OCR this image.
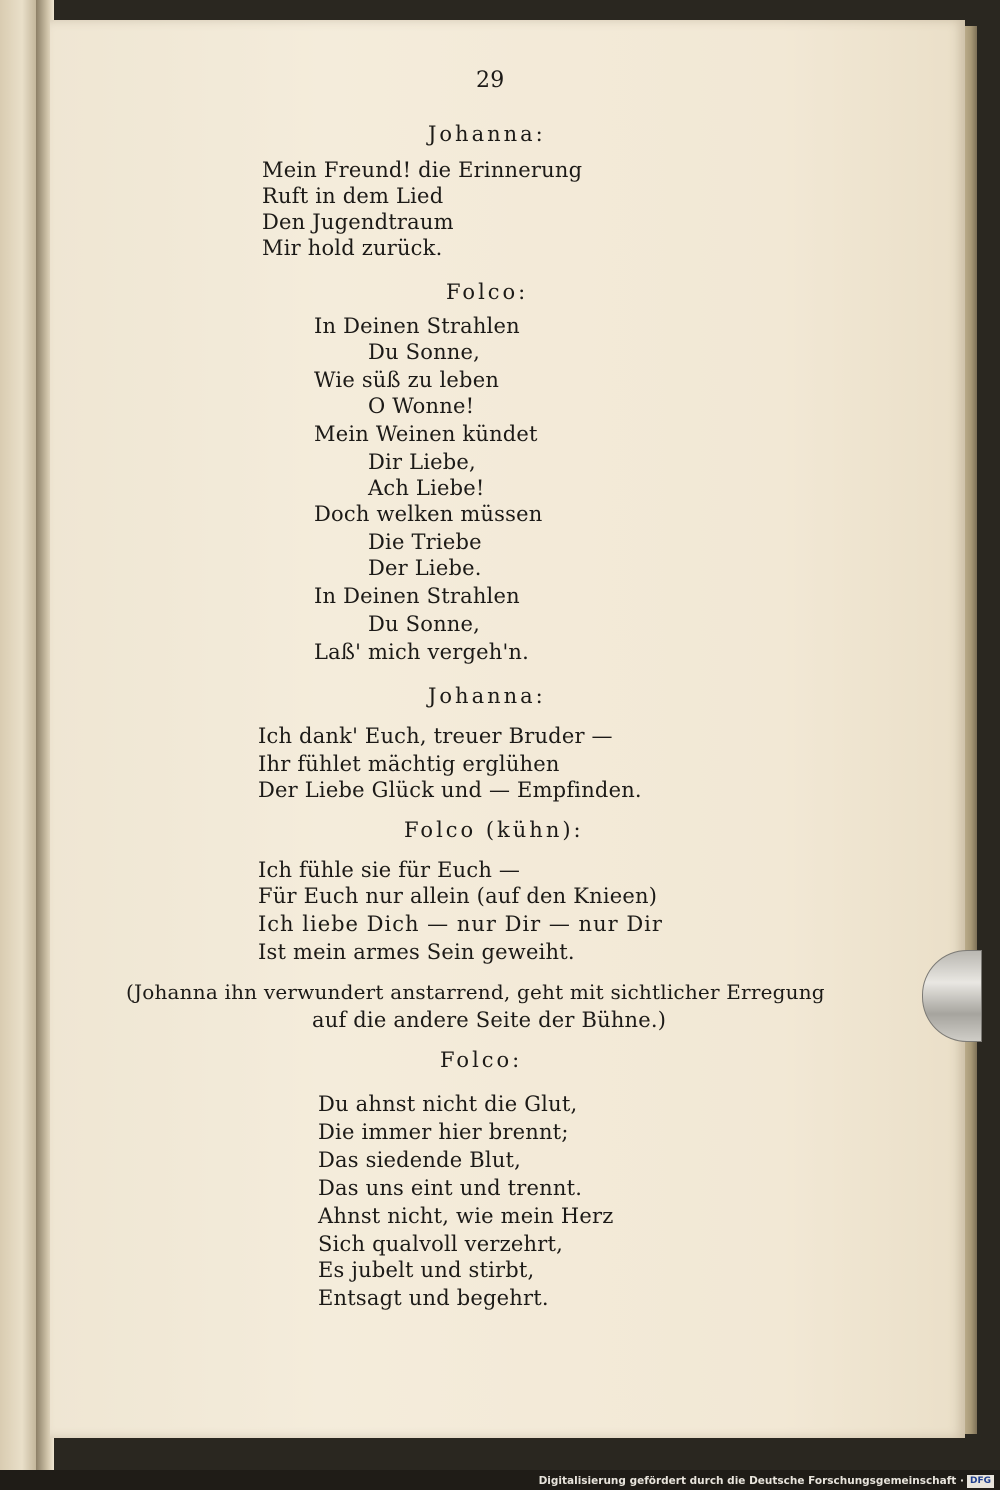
29
Johanna:
Mein Freund! die Erinnerung
Ruft in dem Lied
Den Jugendtraum
Mir hold zurück.
Folco:
In Deinen Strahlen
Du Sonne,
Wie süß zu leben
O Wonne!
Mein Weinen kündet
Dir Liebe,
Ach Liebe!
Doch welken müssen
Die Triebe
Der Liebe.
In Deinen Strahlen
Du Sonne,
Laß' mich vergeh'n.
Johanna:
Ich dank' Euch, treuer Bruder —
Ihr fühlet mächtig erglühen
Der Liebe Glück und — Empfinden.
Folco (kühn):
Ich fühle sie für Euch —
Für Euch nur allein (auf den Knieen)
Ich liebe Dich — nur Dir — nur Dir
Ist mein armes Sein geweiht.
(Johanna ihn verwundert anstarrend, geht mit sichtlicher Erregung
auf die andere Seite der Bühne.)
Folco:
Du ahnst nicht die Glut,
Die immer hier brennt;
Das siedende Blut,
Das uns eint und trennt.
Ahnst nicht, wie mein Herz
Sich qualvoll verzehrt,
Es jubelt und stirbt,
Entsagt und begehrt.
Digitalisierung gefördert durch die Deutsche Forschungsgemeinschaft · DFG
